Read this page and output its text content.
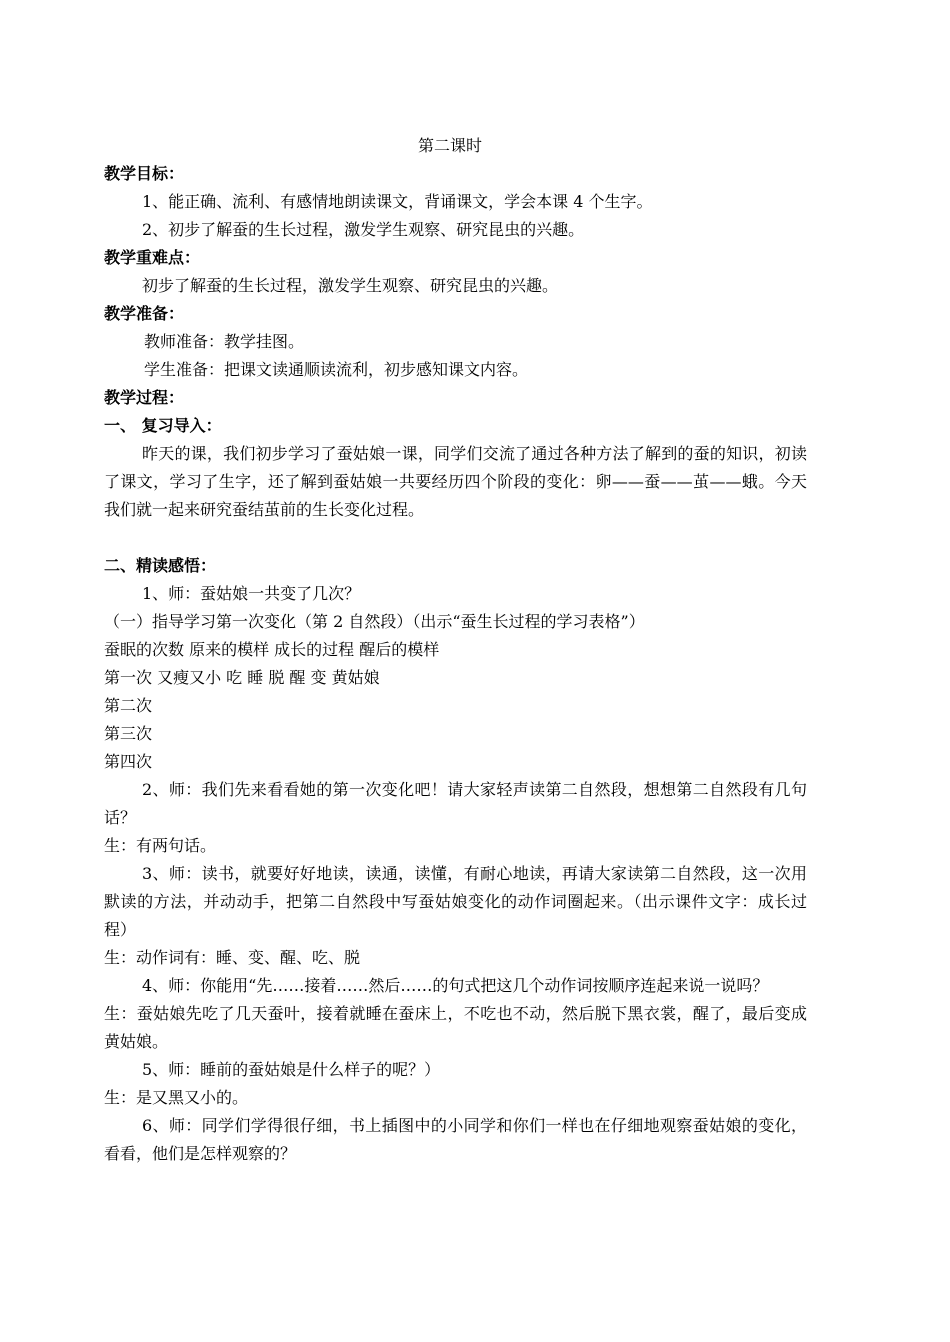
第二课时
教学目标：
1、能正确、流利、有感情地朗读课文，背诵课文，学会本课 4 个生字。
2、初步了解蚕的生长过程，激发学生观察、研究昆虫的兴趣。
教学重难点：
初步了解蚕的生长过程，激发学生观察、研究昆虫的兴趣。
教学准备：
教师准备：教学挂图。
学生准备：把课文读通顺读流利，初步感知课文内容。
教学过程：
一、 复习导入：
昨天的课，我们初步学习了蚕姑娘一课，同学们交流了通过各种方法了解到的蚕的知识，初读了课文，学习了生字，还了解到蚕姑娘一共要经历四个阶段的变化：卵——蚕——茧——蛾。今天我们就一起来研究蚕结茧前的生长变化过程。
二、精读感悟：
1、师：蚕姑娘一共变了几次？
（一）指导学习第一次变化（第 2 自然段）（出示“蚕生长过程的学习表格”）
蚕眠的次数 原来的模样 成长的过程 醒后的模样
第一次 又瘦又小 吃 睡 脱 醒 变 黄姑娘
第二次
第三次
第四次
2、师：我们先来看看她的第一次变化吧！请大家轻声读第二自然段，想想第二自然段有几句话？
生：有两句话。
3、师：读书，就要好好地读，读通，读懂，有耐心地读，再请大家读第二自然段，这一次用默读的方法，并动动手，把第二自然段中写蚕姑娘变化的动作词圈起来。（出示课件文字：成长过程）
生：动作词有：睡、变、醒、吃、脱
4、师：你能用“先……接着……然后……的句式把这几个动作词按顺序连起来说一说吗？
生：蚕姑娘先吃了几天蚕叶，接着就睡在蚕床上，不吃也不动，然后脱下黑衣裳，醒了，最后变成黄姑娘。
5、师：睡前的蚕姑娘是什么样子的呢？）
生：是又黑又小的。
6、师：同学们学得很仔细，书上插图中的小同学和你们一样也在仔细地观察蚕姑娘的变化，看看，他们是怎样观察的？
